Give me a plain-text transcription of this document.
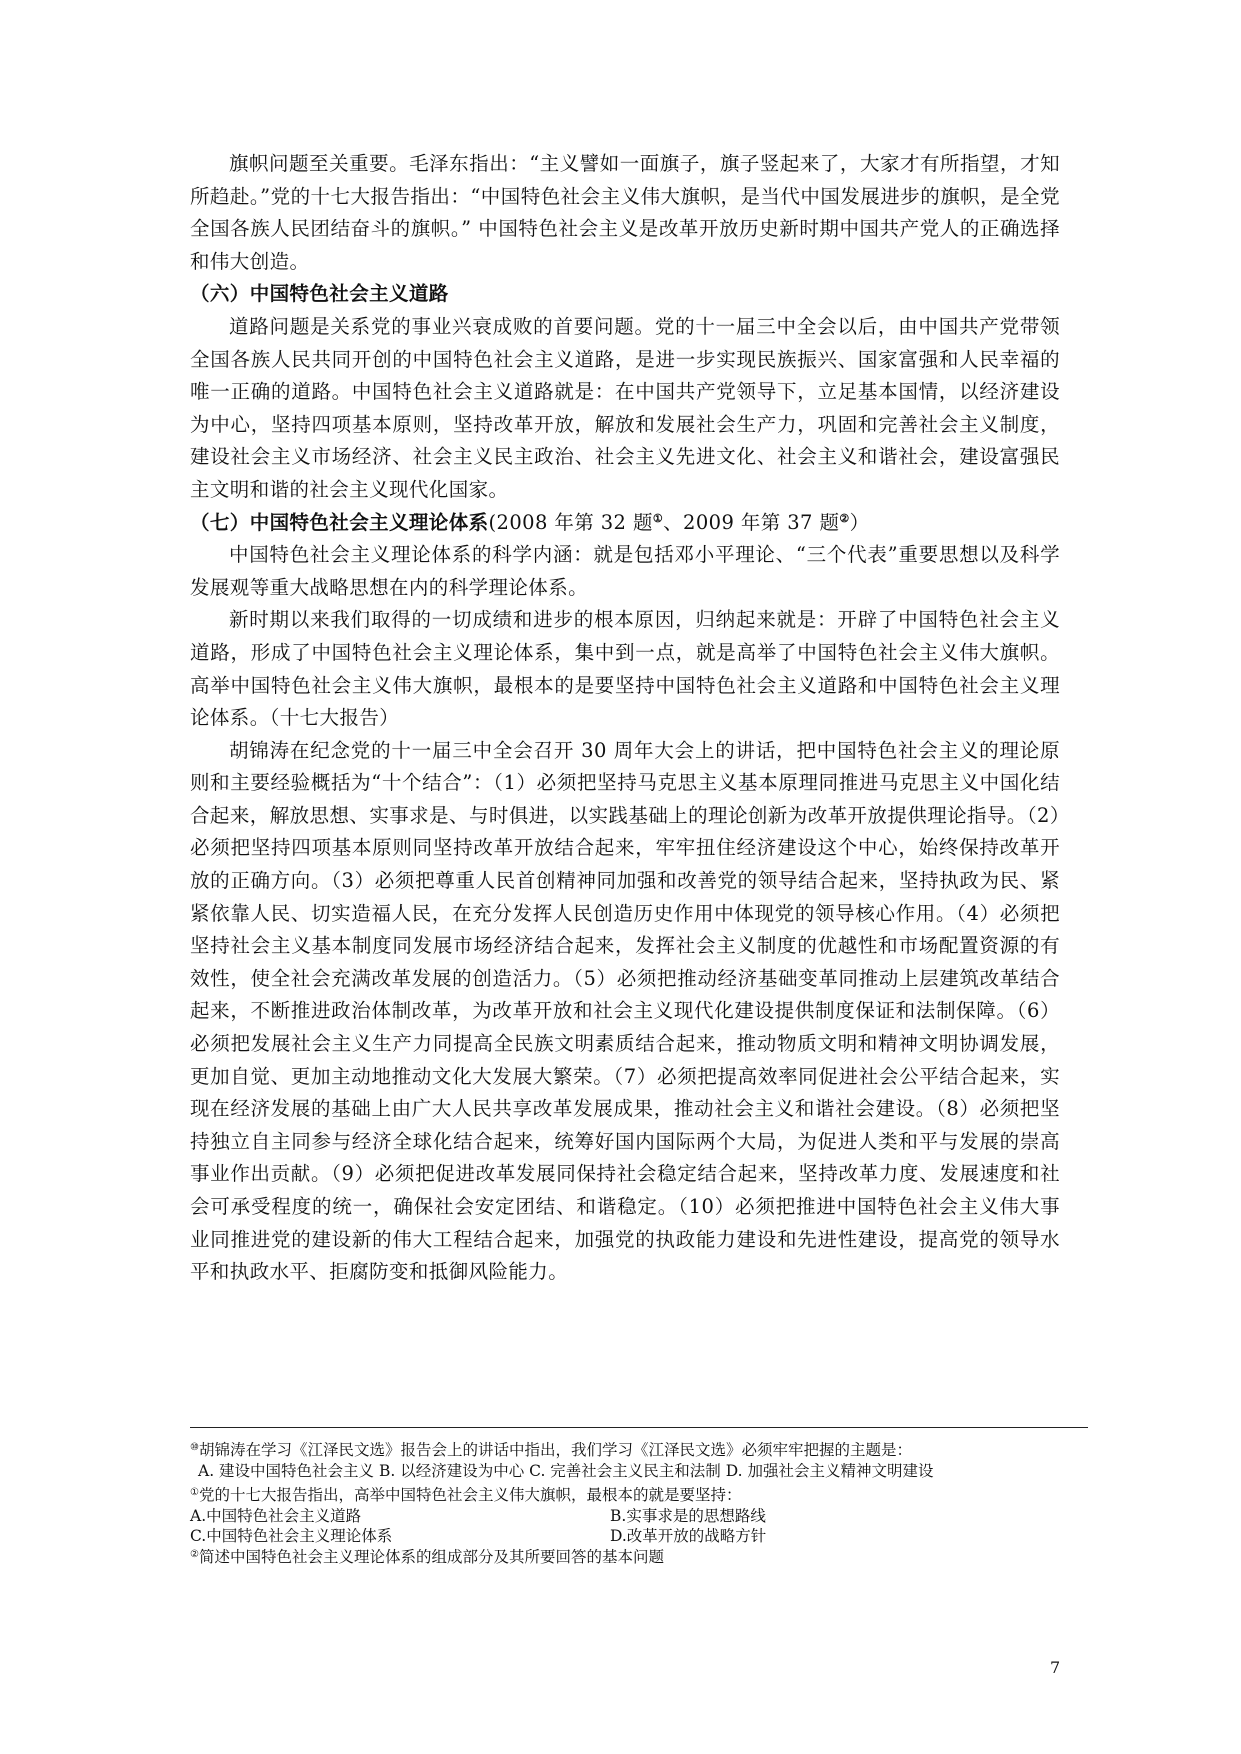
旗帜问题至关重要。毛泽东指出：“主义譬如一面旗子，旗子竖起来了，大家才有所指望，才知所趋赴。”党的十七大报告指出：“中国特色社会主义伟大旗帜，是当代中国发展进步的旗帜，是全党全国各族人民团结奋斗的旗帜。” 中国特色社会主义是改革开放历史新时期中国共产党人的正确选择和伟大创造。

（六）中国特色社会主义道路

道路问题是关系党的事业兴衰成败的首要问题。党的十一届三中全会以后，由中国共产党带领全国各族人民共同开创的中国特色社会主义道路，是进一步实现民族振兴、国家富强和人民幸福的唯一正确的道路。中国特色社会主义道路就是：在中国共产党领导下，立足基本国情，以经济建设为中心，坚持四项基本原则，坚持改革开放，解放和发展社会生产力，巩固和完善社会主义制度，建设社会主义市场经济、社会主义民主政治、社会主义先进文化、社会主义和谐社会，建设富强民主文明和谐的社会主义现代化国家。

（七）中国特色社会主义理论体系(2008 年第 32 题①、2009 年第 37 题②）

中国特色社会主义理论体系的科学内涵：就是包括邓小平理论、“三个代表”重要思想以及科学发展观等重大战略思想在内的科学理论体系。

新时期以来我们取得的一切成绩和进步的根本原因，归纳起来就是：开辟了中国特色社会主义道路，形成了中国特色社会主义理论体系，集中到一点，就是高举了中国特色社会主义伟大旗帜。高举中国特色社会主义伟大旗帜，最根本的是要坚持中国特色社会主义道路和中国特色社会主义理论体系。（十七大报告）

胡锦涛在纪念党的十一届三中全会召开 30 周年大会上的讲话，把中国特色社会主义的理论原则和主要经验概括为“十个结合”：（1）必须把坚持马克思主义基本原理同推进马克思主义中国化结合起来，解放思想、实事求是、与时俱进，以实践基础上的理论创新为改革开放提供理论指导。（2）必须把坚持四项基本原则同坚持改革开放结合起来，牢牢扭住经济建设这个中心，始终保持改革开放的正确方向。（3）必须把尊重人民首创精神同加强和改善党的领导结合起来，坚持执政为民、紧紧依靠人民、切实造福人民，在充分发挥人民创造历史作用中体现党的领导核心作用。（4）必须把坚持社会主义基本制度同发展市场经济结合起来，发挥社会主义制度的优越性和市场配置资源的有效性，使全社会充满改革发展的创造活力。（5）必须把推动经济基础变革同推动上层建筑改革结合起来，不断推进政治体制改革，为改革开放和社会主义现代化建设提供制度保证和法制保障。（6）必须把发展社会主义生产力同提高全民族文明素质结合起来，推动物质文明和精神文明协调发展，更加自觉、更加主动地推动文化大发展大繁荣。（7）必须把提高效率同促进社会公平结合起来，实现在经济发展的基础上由广大人民共享改革发展成果，推动社会主义和谐社会建设。（8）必须把坚持独立自主同参与经济全球化结合起来，统筹好国内国际两个大局，为促进人类和平与发展的崇高事业作出贡献。（9）必须把促进改革发展同保持社会稳定结合起来，坚持改革力度、发展速度和社会可承受程度的统一，确保社会安定团结、和谐稳定。（10）必须把推进中国特色社会主义伟大事业同推进党的建设新的伟大工程结合起来，加强党的执政能力建设和先进性建设，提高党的领导水平和执政水平、拒腐防变和抵御风险能力。

⑩胡锦涛在学习《江泽民文选》报告会上的讲话中指出，我们学习《江泽民文选》必须牢牢把握的主题是：

A. 建设中国特色社会主义 B. 以经济建设为中心 C. 完善社会主义民主和法制 D. 加强社会主义精神文明建设

①党的十七大报告指出，高举中国特色社会主义伟大旗帜，最根本的就是要坚持：

A.中国特色社会主义道路	B.实事求是的思想路线
C.中国特色社会主义理论体系	D.改革开放的战略方针

②简述中国特色社会主义理论体系的组成部分及其所要回答的基本问题

7
